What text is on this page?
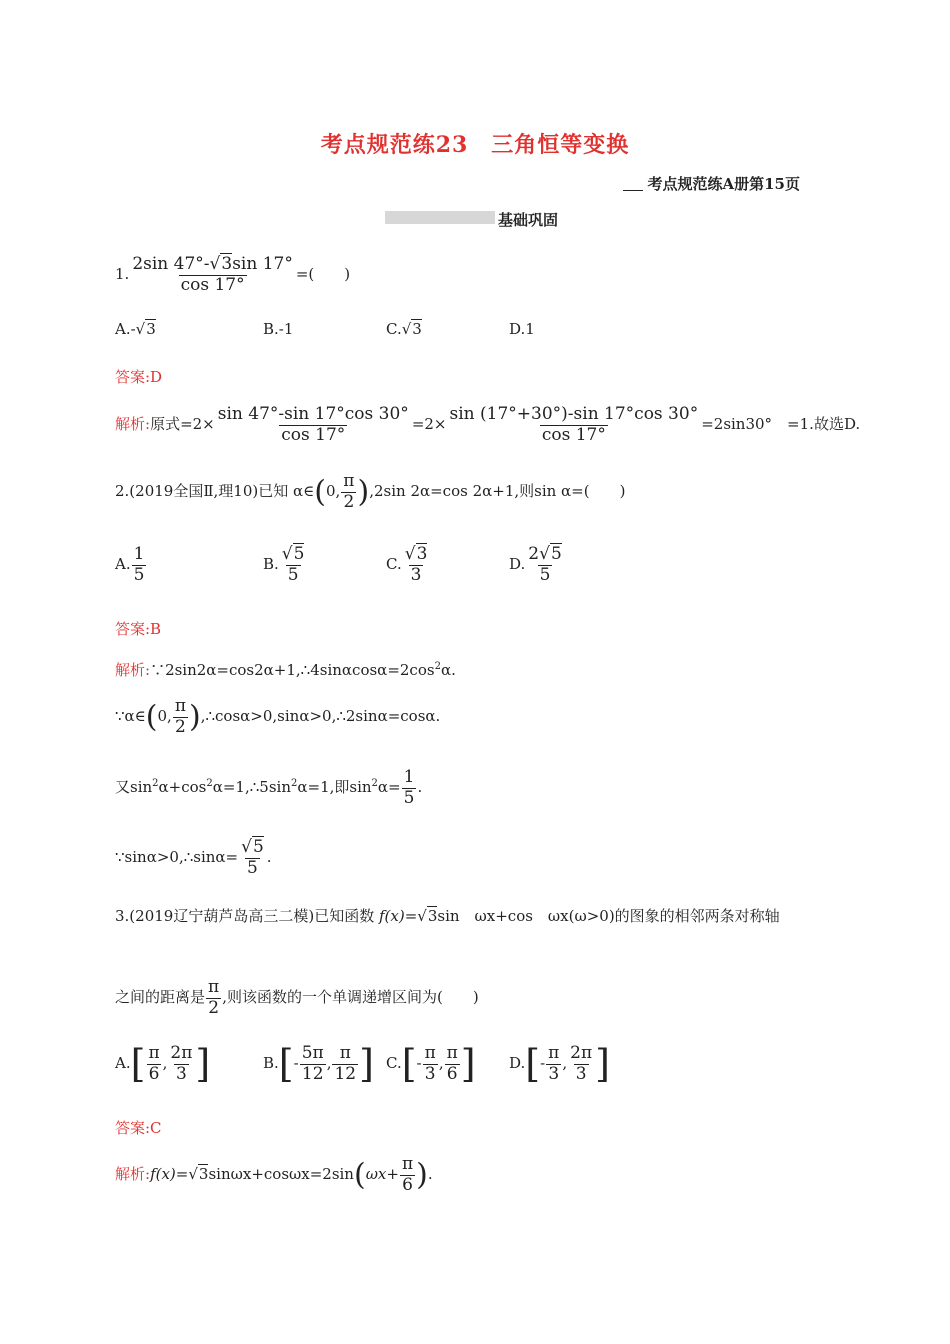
考点规范练23　三角恒等变换
考点规范练A册第15页
基础巩固
1. $\frac{2\sin 47^\circ-√3\sin 17^\circ}{\cos 17^\circ}$ =(　　)
A.-√3	B.-1	C.√3	D.1
答案:D
解析:原式$=2\times \frac{\sin 47^\circ-\sin 17^\circ\cos 30^\circ}{\cos 17^\circ} =2\times \frac{\sin (17^\circ+30^\circ)-\sin 17^\circ\cos 30^\circ}{\cos 17^\circ} =2\sin 30^\circ$　=1.故选D.
2.(2019全国Ⅱ,理10)已知 α∈(0, $\frac{\pi}{2} ),2\sin$ 2α=cos 2α+1,则sin α=(　　)
A. $\frac{1}{5}$	B. $\frac{√5}{5}$	C. $\frac{√3}{3}$	D. $\frac{2√5}{5}$
答案:B
解析$:\because 2\sin 2\alpha=\cos 2\alpha+1,\therefore 4\sin\alpha\cos\alpha=2\cos^2\alpha$.
∵α∈(0, $\frac{\pi}{2}$ ),∴cosα>0,sinα>0,∴2sinα=cosα.
又$\sin^2\alpha+\cos^2\alpha=1,\therefore 5\sin^2\alpha=1$,即$\sin^2\alpha= \frac{1}{5}$ .
∵sinα>0,∴sinα= $\frac{√5}{5}$ .
3.(2019辽宁葫芦岛高三二模)已知函数 f(x)=√3sin　ωx+cos　ωx(ω>0)的图象的相邻两条对称轴
之间的距离是 $\frac{\pi}{2}$ ,则该函数的一个单调递增区间为(　　)
$A.[ \frac{\pi}{6}$ , $\frac{2\pi}{3}$ ]	$B.[- \frac{5\pi}{12}$ , $\frac{\pi}{12}$ ] $C.[- \frac{\pi}{3}$ , $\frac{\pi}{6}$ ] $D.[- \frac{\pi}{3}$ , $\frac{2\pi}{3}$ ]
答案:C
解析:f(x)=√3sinωx+cosωx=2sin(ωx+ $\frac{\pi}{6}$ ).
